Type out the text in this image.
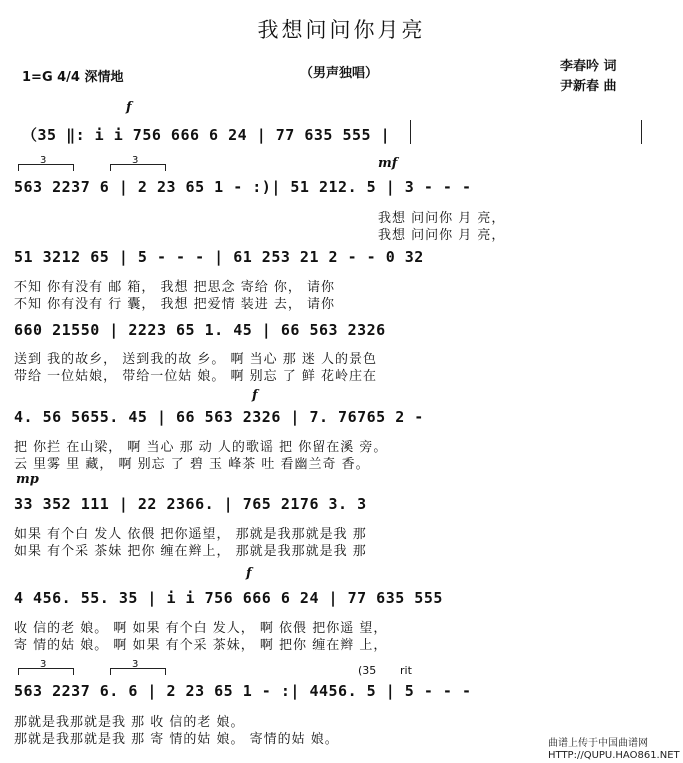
我想问问你月亮
1=G 4/4 深情地	（男声独唱）	李春吟 词
尹新春 曲
f
（35 ‖: i i 756 666 6 24 | 77 635 555 |
3	3	mf
563 2237 6 | 2 23 65 1 - :)| 51 212. 5 | 3 - - -
我想 问问你 月 亮，
我想 问问你 月 亮，
51 3212 65 | 5 - - - | 61 253 21 2 - - 0 32
不知 你有没有 邮 箱， 我想 把思念 寄给 你， 请你
不知 你有没有 行 囊， 我想 把爱情 装进 去， 请你
660 21550 | 2223 65 1. 45 | 66 563 2326
送到 我的故乡， 送到我的故 乡。 啊 当心 那 迷 人的景色
带给 一位姑娘， 带给一位姑 娘。 啊 别忘 了 鲜 花岭庄在
f
4. 56 5655. 45 | 66 563 2326 | 7. 76765 2 -
把 你拦 在山梁， 啊 当心 那 动 人的歌谣 把 你留在溪 旁。
云 里雾 里 藏， 啊 别忘 了 碧 玉 峰茶 吐 看幽兰奇 香。
mp
33 352 111 | 22 2366. | 765 2176 3. 3
如果 有个白 发人 依偎 把你遥望， 那就是我那就是我 那
如果 有个采 茶妹 把你 缠在辫上， 那就是我那就是我 那
f
4 456. 55. 35 | i i 756 666 6 24 | 77 635 555
收 信的老 娘。 啊 如果 有个白 发人， 啊 依偎 把你遥 望，
寄 情的姑 娘。 啊 如果 有个采 茶妹， 啊 把你 缠在辫 上，
3	3	(35 rit
563 2237 6. 6 | 2 23 65 1 - :| 4456. 5 | 5 - - -
那就是我那就是我 那 收 信的老 娘。
那就是我那就是我 那 寄 情的姑 娘。 寄情的姑 娘。	曲谱上传于中国曲谱网
HTTP://QUPU.HAO861.NET
